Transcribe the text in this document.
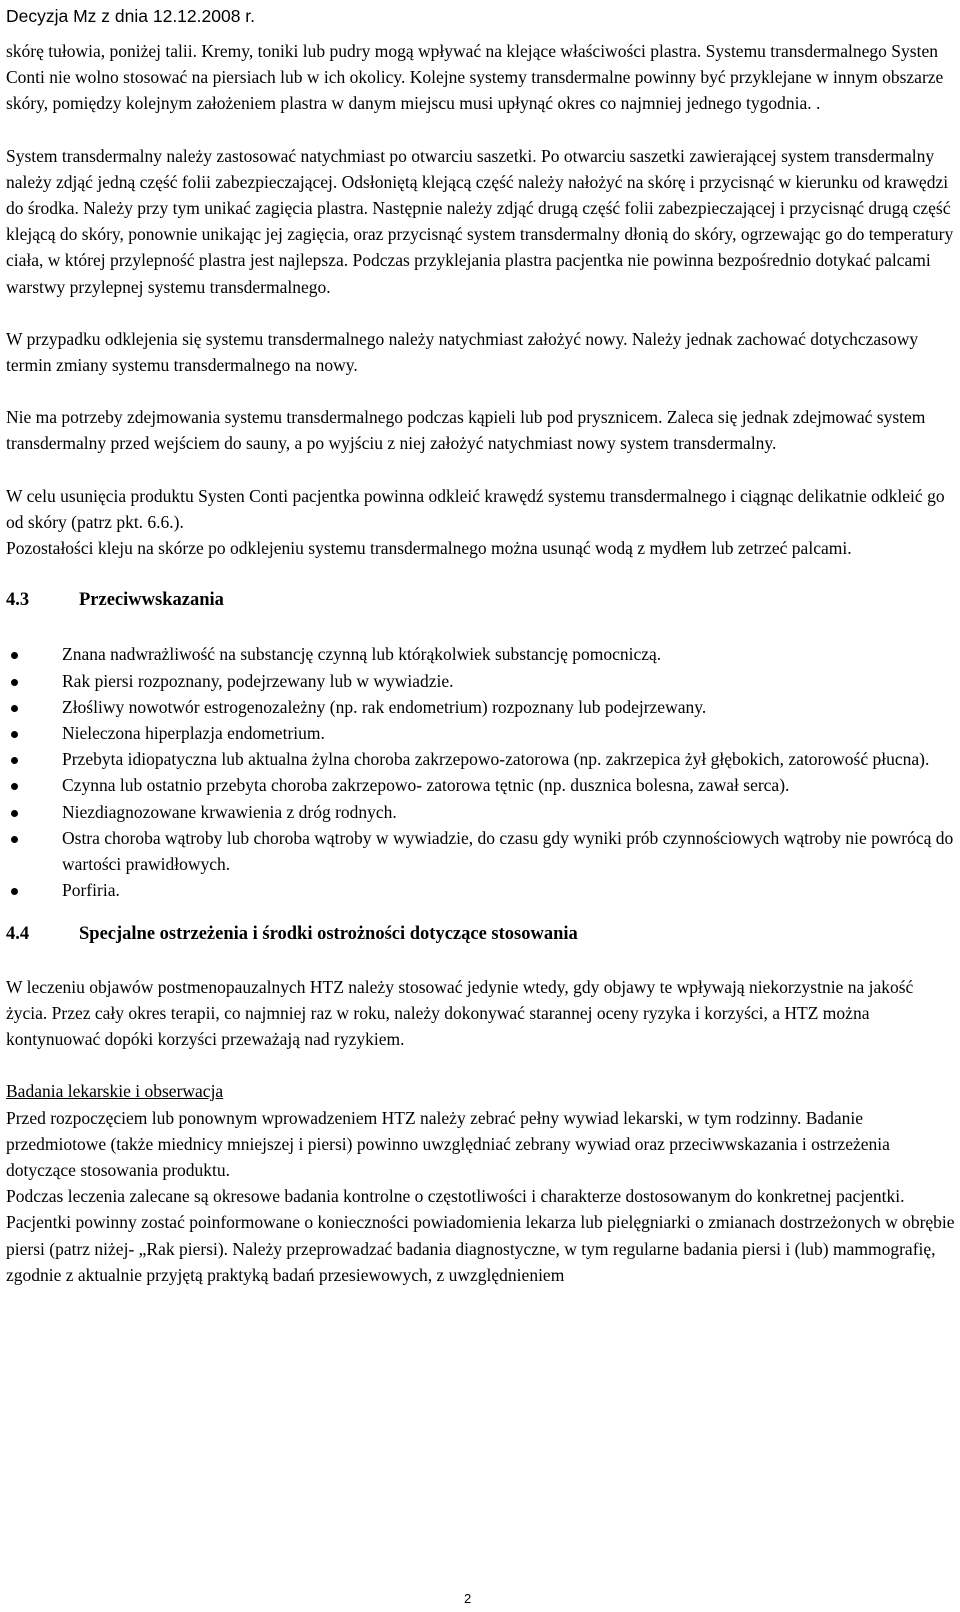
Decyzja Mz z dnia 12.12.2008 r.

skórę tułowia, poniżej talii. Kremy, toniki lub pudry mogą wpływać na klejące właściwości plastra. Systemu transdermalnego Systen Conti nie wolno stosować na piersiach lub w ich okolicy. Kolejne systemy transdermalne powinny być przyklejane w innym obszarze skóry, pomiędzy kolejnym założeniem plastra w danym miejscu musi upłynąć okres co najmniej jednego tygodnia. .

System transdermalny należy zastosować natychmiast po otwarciu saszetki. Po otwarciu saszetki zawierającej system transdermalny należy zdjąć jedną część folii zabezpieczającej. Odsłoniętą klejącą część należy nałożyć na skórę i przycisnąć w kierunku od krawędzi do środka. Należy przy tym unikać zagięcia plastra. Następnie należy zdjąć drugą część folii zabezpieczającej i przycisnąć drugą część klejącą do skóry, ponownie unikając jej zagięcia, oraz przycisnąć system transdermalny dłonią do skóry, ogrzewając go do temperatury ciała, w której przylepność plastra jest najlepsza. Podczas przyklejania plastra pacjentka nie powinna bezpośrednio dotykać palcami warstwy przylepnej systemu transdermalnego.

W przypadku odklejenia się systemu transdermalnego należy natychmiast założyć nowy. Należy jednak zachować dotychczasowy termin zmiany systemu transdermalnego na nowy.

Nie ma potrzeby zdejmowania systemu transdermalnego podczas kąpieli lub pod prysznicem. Zaleca się jednak zdejmować system transdermalny przed wejściem do sauny, a po wyjściu z niej założyć natychmiast nowy system transdermalny.

W celu usunięcia produktu Systen Conti pacjentka powinna odkleić krawędź systemu transdermalnego i ciągnąc delikatnie odkleić go od skóry (patrz pkt. 6.6.).

Pozostałości kleju na skórze po odklejeniu systemu transdermalnego można usunąć wodą z mydłem lub zetrzeć palcami.

4.3	Przeciwwskazania
Znana nadwrażliwość na substancję czynną lub którąkolwiek substancję pomocniczą.
Rak piersi rozpoznany, podejrzewany lub w wywiadzie.
Złośliwy nowotwór estrogenozależny (np. rak endometrium) rozpoznany lub podejrzewany.
Nieleczona hiperplazja endometrium.
Przebyta idiopatyczna lub aktualna żylna choroba zakrzepowo-zatorowa (np. zakrzepica żył głębokich, zatorowość płucna).
Czynna lub ostatnio przebyta choroba zakrzepowo- zatorowa tętnic (np. dusznica bolesna, zawał serca).
Niezdiagnozowane krwawienia z dróg rodnych.
Ostra choroba wątroby lub choroba wątroby w wywiadzie, do czasu gdy wyniki prób czynnościowych wątroby nie powrócą do wartości prawidłowych.
Porfiria.
4.4	Specjalne ostrzeżenia i środki ostrożności dotyczące stosowania

W leczeniu objawów postmenopauzalnych HTZ należy stosować jedynie wtedy, gdy objawy te wpływają niekorzystnie na jakość życia. Przez cały okres terapii, co najmniej raz w roku, należy dokonywać starannej oceny ryzyka i korzyści, a HTZ można kontynuować dopóki korzyści przeważają nad ryzykiem.

Badania lekarskie i obserwacja

Przed rozpoczęciem lub ponownym wprowadzeniem HTZ należy zebrać pełny wywiad lekarski, w tym rodzinny. Badanie przedmiotowe (także miednicy mniejszej i piersi) powinno uwzględniać zebrany wywiad oraz przeciwwskazania i ostrzeżenia dotyczące stosowania produktu.

Podczas leczenia zalecane są okresowe badania kontrolne o częstotliwości i charakterze dostosowanym do konkretnej pacjentki. Pacjentki powinny zostać poinformowane o konieczności powiadomienia lekarza lub pielęgniarki o zmianach dostrzeżonych w obrębie piersi (patrz niżej- „Rak piersi). Należy przeprowadzać badania diagnostyczne, w tym regularne badania piersi i (lub) mammografię, zgodnie z aktualnie przyjętą praktyką badań przesiewowych, z uwzględnieniem

2
